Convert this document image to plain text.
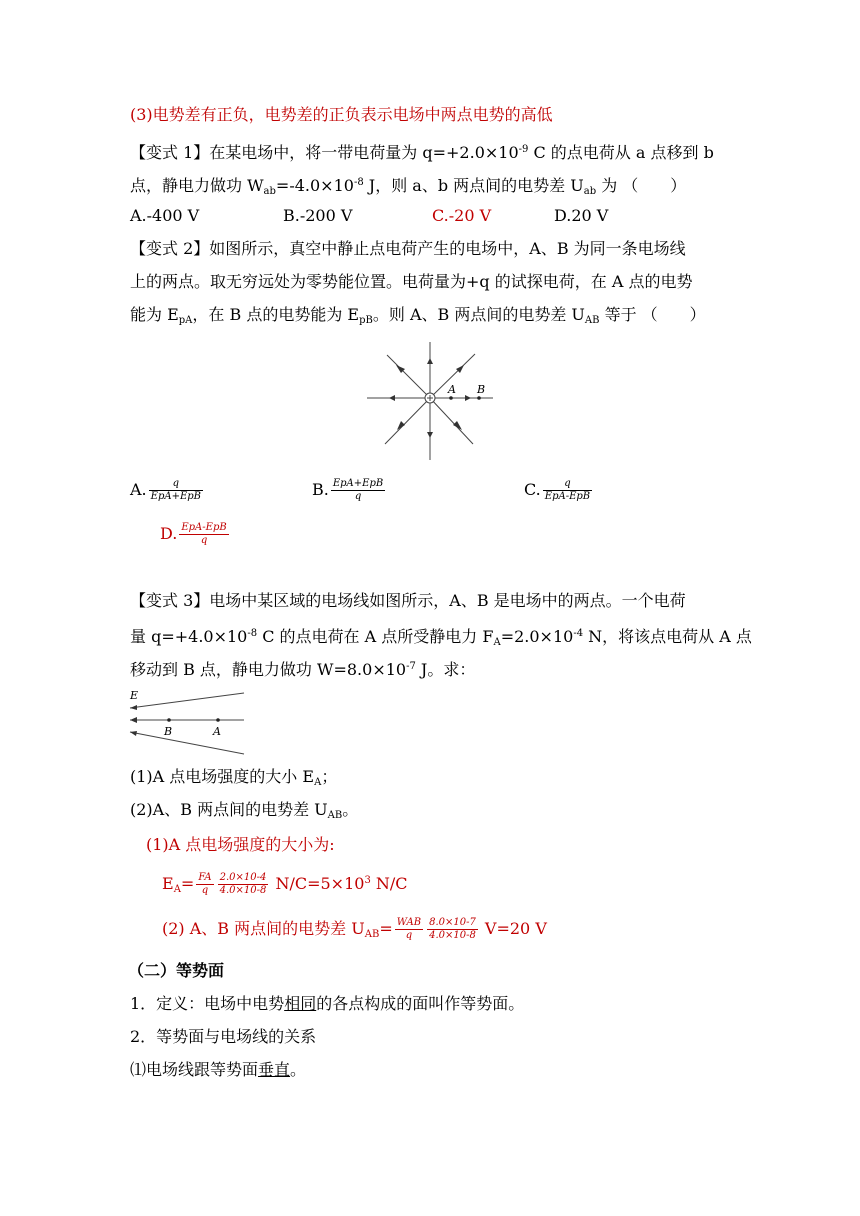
(3)电势差有正负，电势差的正负表示电场中两点电势的高低
【变式 1】在某电场中，将一带电荷量为 $q=+2.0\times 10^{-9}$ C 的点电荷从 a 点移到 b
点，静电力做功 $W_{ab}=-4.0\times 10^{-8}$ J，则 a、b 两点间的电势差 $U_{ab}$ 为 （　　）
A.-400 V	B.-200 V	C.-20 V	D.20 V
【变式 2】如图所示，真空中静止点电荷产生的电场中，A、B 为同一条电场线
上的两点。取无穷远处为零势能位置。电荷量为+q 的试探电荷，在 A 点的电势
能为 $E_{pA}$，在 B 点的电势能为 $E_{pB}$。则 A、B 两点间的电势差 $U_{AB}$ 等于 （　　）
A B
A. $\frac{q}{\text{EpA+EpB}}$	B. $\frac{\text{EpA+EpB}}{q}$	C. $\frac{q}{\text{EpA-EpB}}$
D. $\frac{\text{EpA-EpB}}{q}$
【变式 3】电场中某区域的电场线如图所示，A、B 是电场中的两点。一个电荷
量 $q=+4.0\times 10^{-8}$ C 的点电荷在 A 点所受静电力 $F_A=2.0\times 10^{-4}$ N，将该点电荷从 A 点
移动到 B 点，静电力做功 $W=8.0\times 10^{-7}$ J。求：
E
B	A
(1)A 点电场强度的大小 $E_A$；
(2)A、B 两点间的电势差 $U_{AB}$。
(1)A 点电场强度的大小为:
$E_A= \frac{FA}{q} \frac{2.0\times 10-4}{4.0\times 10-8} N/C=5\times 10^3$ N/C
(2) A、B 两点间的电势差 $U_{AB}= \frac{\text{WAB}}{q} \frac{8.0\times 10-7}{4.0\times 10-8} V=20$ V
（二）等势面
1．定义：电场中电势相同的各点构成的面叫作等势面。
2．等势面与电场线的关系
⑴电场线跟等势面垂直。
